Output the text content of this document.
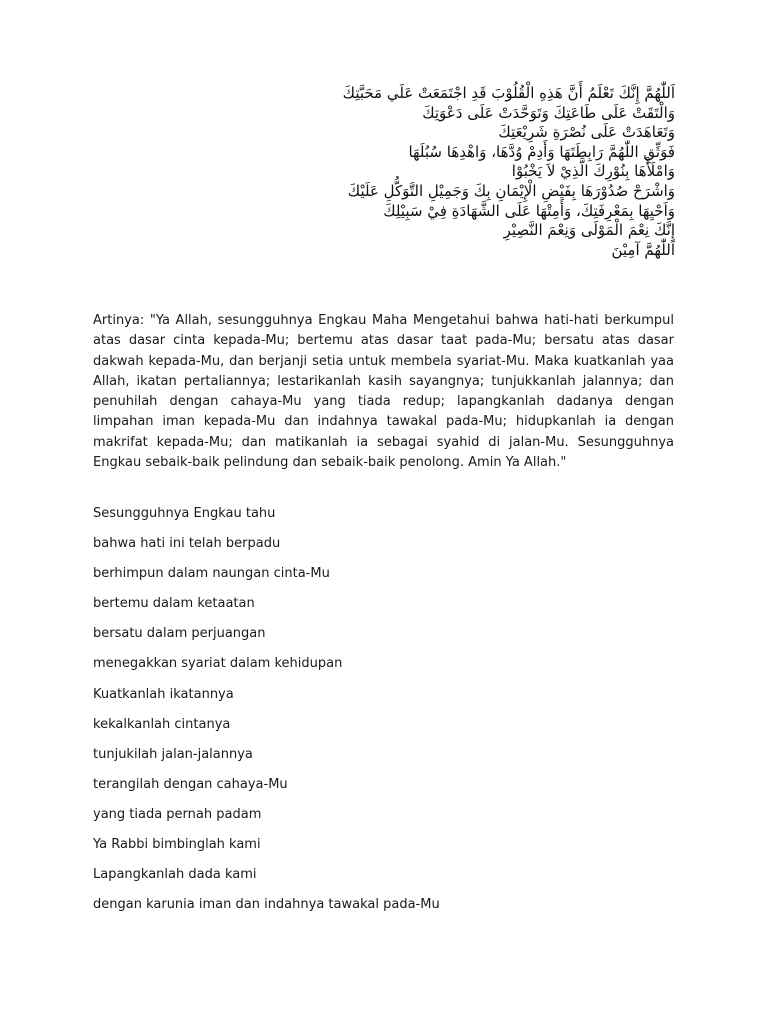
اَللّٰهُمَّ إِنَّكَ تَعْلَمُ أَنَّ هَذِهِ الْقُلُوْبَ قَدِ اجْتَمَعَتْ عَلَي مَحَبَّتِكَ
وَالْتَقَتْ عَلَى طَاعَتِكَ وَتَوَحَّدَتْ عَلَى دَعْوَتِكَ
وَتَعَاهَدَتْ عَلَى نُصْرَةِ شَرِيْعَتِكَ
فَوَثِّقِ اللّٰهُمَّ رَابِطَتَهَا وَأَدِمْ وُدَّهَا، وَاهْدِهَا سُبُلَهَا
وَامْلَأْهَا بِنُوْرِكَ الَّذِيْ لاَ يَخْبُوْا
وَاشْرَحْ صُدُوْرَهَا بِفَيْضِ الْإِيْمَانِ بِكَ وَجَمِيْلِ التَّوَكُّلِ عَلَيْكَ
وَاَحْيِهَا بِمَعْرِفَتِكَ، وَأَمِتْهَا عَلَى الشَّهَادَةِ فِيْ سَبِيْلِكَ
إِنَّكَ نِعْمَ الْمَوْلَى وَنِعْمَ النَّصِيْرِ
اَللّٰهُمَّ آمِيْنَ

Artinya: "Ya Allah, sesungguhnya Engkau Maha Mengetahui bahwa hati-hati berkumpul atas dasar cinta kepada-Mu; bertemu atas dasar taat pada-Mu; bersatu atas dasar dakwah kepada-Mu, dan berjanji setia untuk membela syariat-Mu. Maka kuatkanlah yaa Allah, ikatan pertaliannya; lestarikanlah kasih sayangnya; tunjukkanlah jalannya; dan penuhilah dengan cahaya-Mu yang tiada redup; lapangkanlah dadanya dengan limpahan iman kepada-Mu dan indahnya tawakal pada-Mu; hidupkanlah ia dengan makrifat kepada-Mu; dan matikanlah ia sebagai syahid di jalan-Mu. Sesungguhnya Engkau sebaik-baik pelindung dan sebaik-baik penolong. Amin Ya Allah."

Sesungguhnya Engkau tahu
bahwa hati ini telah berpadu
berhimpun dalam naungan cinta-Mu
bertemu dalam ketaatan
bersatu dalam perjuangan
menegakkan syariat dalam kehidupan
Kuatkanlah ikatannya
kekalkanlah cintanya
tunjukilah jalan-jalannya
terangilah dengan cahaya-Mu
yang tiada pernah padam
Ya Rabbi bimbinglah kami
Lapangkanlah dada kami
dengan karunia iman dan indahnya tawakal pada-Mu
